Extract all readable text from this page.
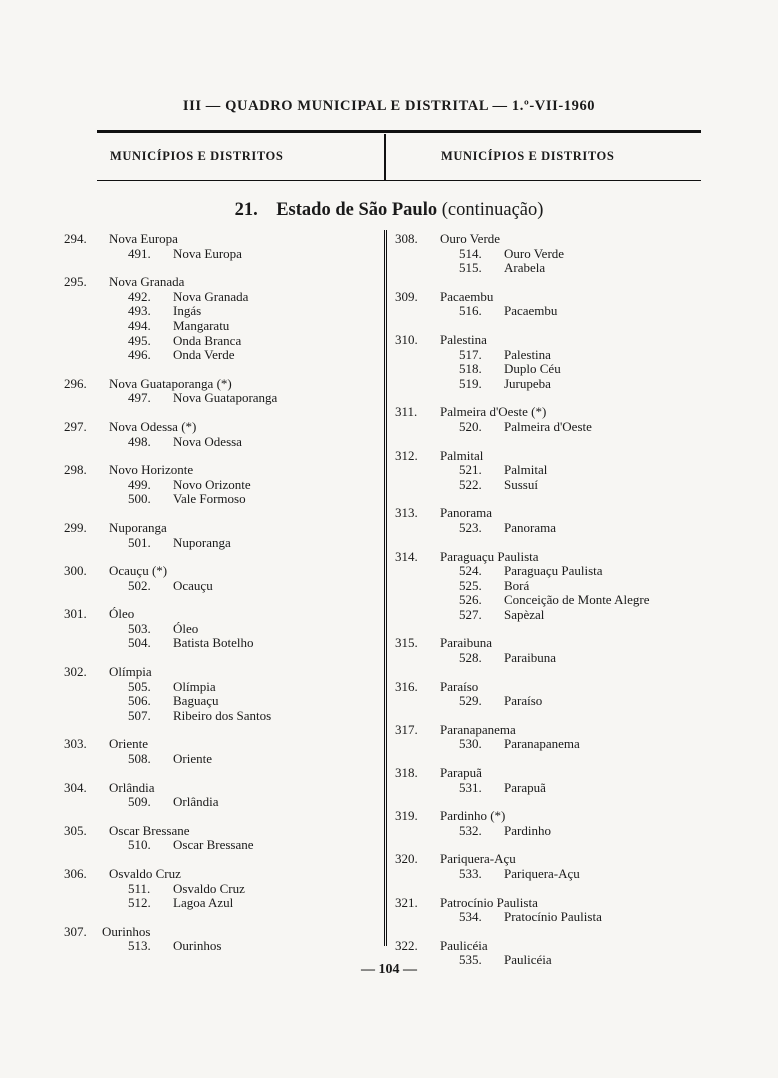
III — QUADRO MUNICIPAL E DISTRITAL — 1.º-VII-1960
MUNICÍPIOS E DISTRITOS	MUNICÍPIOS E DISTRITOS
21. Estado de São Paulo (continuação)
294. Nova Europa
491. Nova Europa
295. Nova Granada
492. Nova Granada
493. Ingás
494. Mangaratu
495. Onda Branca
496. Onda Verde
296. Nova Guataporanga (*)
497. Nova Guataporanga
297. Nova Odessa (*)
498. Nova Odessa
298. Novo Horizonte
499. Novo Orizonte
500. Vale Formoso
299. Nuporanga
501. Nuporanga
300. Ocauçu (*)
502. Ocauçu
301. Óleo
503. Óleo
504. Batista Botelho
302. Olímpia
505. Olímpia
506. Baguaçu
507. Ribeiro dos Santos
303. Oriente
508. Oriente
304. Orlândia
509. Orlândia
305. Oscar Bressane
510. Oscar Bressane
306. Osvaldo Cruz
511. Osvaldo Cruz
512. Lagoa Azul
307. Ourinhos
513. Ourinhos
308. Ouro Verde
514. Ouro Verde
515. Arabela
309. Pacaembu
516. Pacaembu
310. Palestina
517. Palestina
518. Duplo Céu
519. Jurupeba
311. Palmeira d'Oeste (*)
520. Palmeira d'Oeste
312. Palmital
521. Palmital
522. Sussuí
313. Panorama
523. Panorama
314. Paraguaçu Paulista
524. Paraguaçu Paulista
525. Borá
526. Conceição de Monte Alegre
527. Sapèzal
315. Paraibuna
528. Paraibuna
316. Paraíso
529. Paraíso
317. Paranapanema
530. Paranapanema
318. Parapuã
531. Parapuã
319. Pardinho (*)
532. Pardinho
320. Pariquera-Açu
533. Pariquera-Açu
321. Patrocínio Paulista
534. Pratocínio Paulista
322. Paulicéia
535. Paulicéia
— 104 —
